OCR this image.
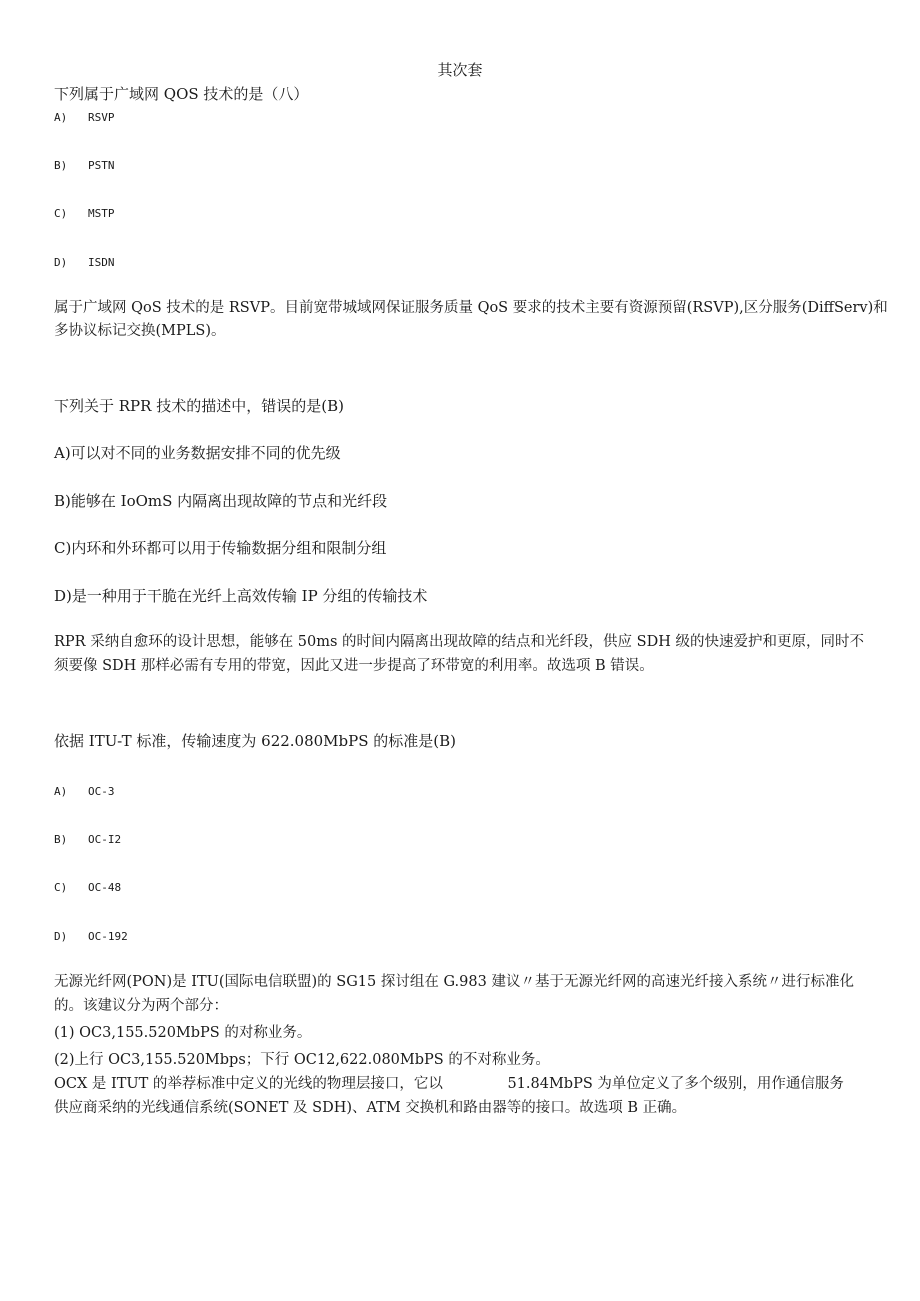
其次套
下列属于广域网 QOS 技术的是（八）
A) RSVP
B) PSTN
C) MSTP
D) ISDN
属于广域网 QoS 技术的是 RSVP。目前宽带城域网保证服务质量 QoS 要求的技术主要有资源预留(RSVP),区分服务(DiffServ)和
多协议标记交换(MPLS)。
下列关于 RPR 技术的描述中，错误的是(B)
A)可以对不同的业务数据安排不同的优先级
B)能够在 IoOmS 内隔离出现故障的节点和光纤段
C)内环和外环都可以用于传输数据分组和限制分组
D)是一种用于干脆在光纤上高效传输 IP 分组的传输技术
RPR 采纳自愈环的设计思想，能够在 50ms 的时间内隔离出现故障的结点和光纤段，供应 SDH 级的快速爱护和更原，同时不
须要像 SDH 那样必需有专用的带宽，因此又进一步提高了环带宽的利用率。故选项 B 错误。
依据 ITU-T 标准，传输速度为 622.080MbPS 的标准是(B)
A) OC-3
B) OC-I2
C) OC-48
D) OC-192
无源光纤网(PON)是 ITU(国际电信联盟)的 SG15 探讨组在 G.983 建议〃基于无源光纤网的高速光纤接入系统〃进行标准化
的。该建议分为两个部分：
(1) OC3,155.520MbPS 的对称业务。
(2)上行 OC3,155.520Mbps；下行 OC12,622.080MbPS 的不对称业务。
OCX 是 ITUT 的举荐标准中定义的光线的物理层接口，它以              51.84MbPS 为单位定义了多个级别，用作通信服务
供应商采纳的光线通信系统(SONET 及 SDH)、ATM 交换机和路由器等的接口。故选项 B 正确。
